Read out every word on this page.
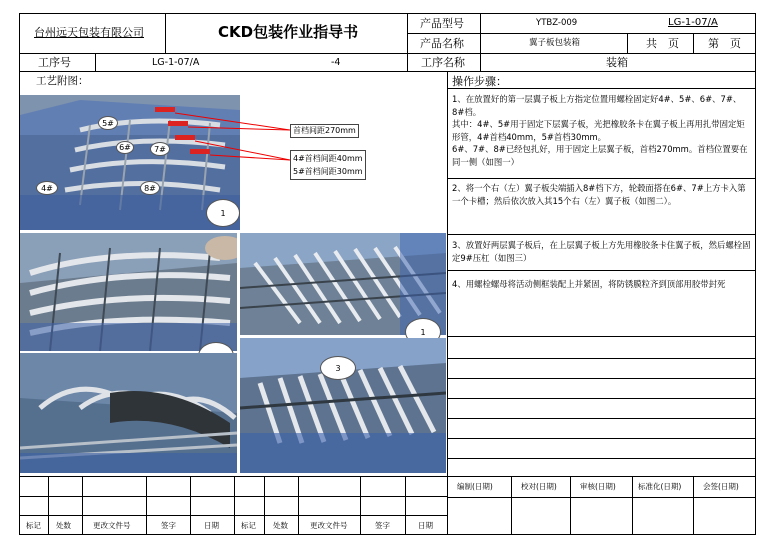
台州远天包装有限公司	CKD包装作业指导书	产品型号	YTBZ-009	LG-1-07/A
产品名称	翼子板包装箱	共　页	第　页
工序号	LG-1-07/A	-4	工序名称	装箱
工艺附图：
5#
6#	7#
8#
4#
1
首档间距270mm
4#首档间距40mm
5#首档间距30mm
1
3
操作步骤：

1、在放置好的第一层翼子板上方指定位置用螺栓固定好4#、5#、6#、7#、8#档。

其中：4#、5#用于固定下层翼子板，光把橡胶条卡在翼子板上再用扎带固定矩形管，4#首档40mm，5#首档30mm。

6#、7#、8#已经包扎好，用于固定上层翼子板，首档270mm。首档位置要在同一侧（如图一）

2、将一个右（左）翼子板尖端插入8#档下方，轮毂面搭在6#、7#上方卡入第一个卡槽；然后依次放入其15个右（左）翼子板（如图二）。

3、放置好两层翼子板后，在上层翼子板上方先用橡胶条卡住翼子板，然后螺栓固定9#压杠（如图三）

4、用螺栓螺母将活动侧框装配上并紧固，将防锈膜粒齐到顶部用胶带封死

标记 处数	更改文件号	签字	日期	标记 处数	更改文件号	签字	日期
编制(日期)	校对(日期)	审核(日期)	标准化(日期)	会签(日期)
